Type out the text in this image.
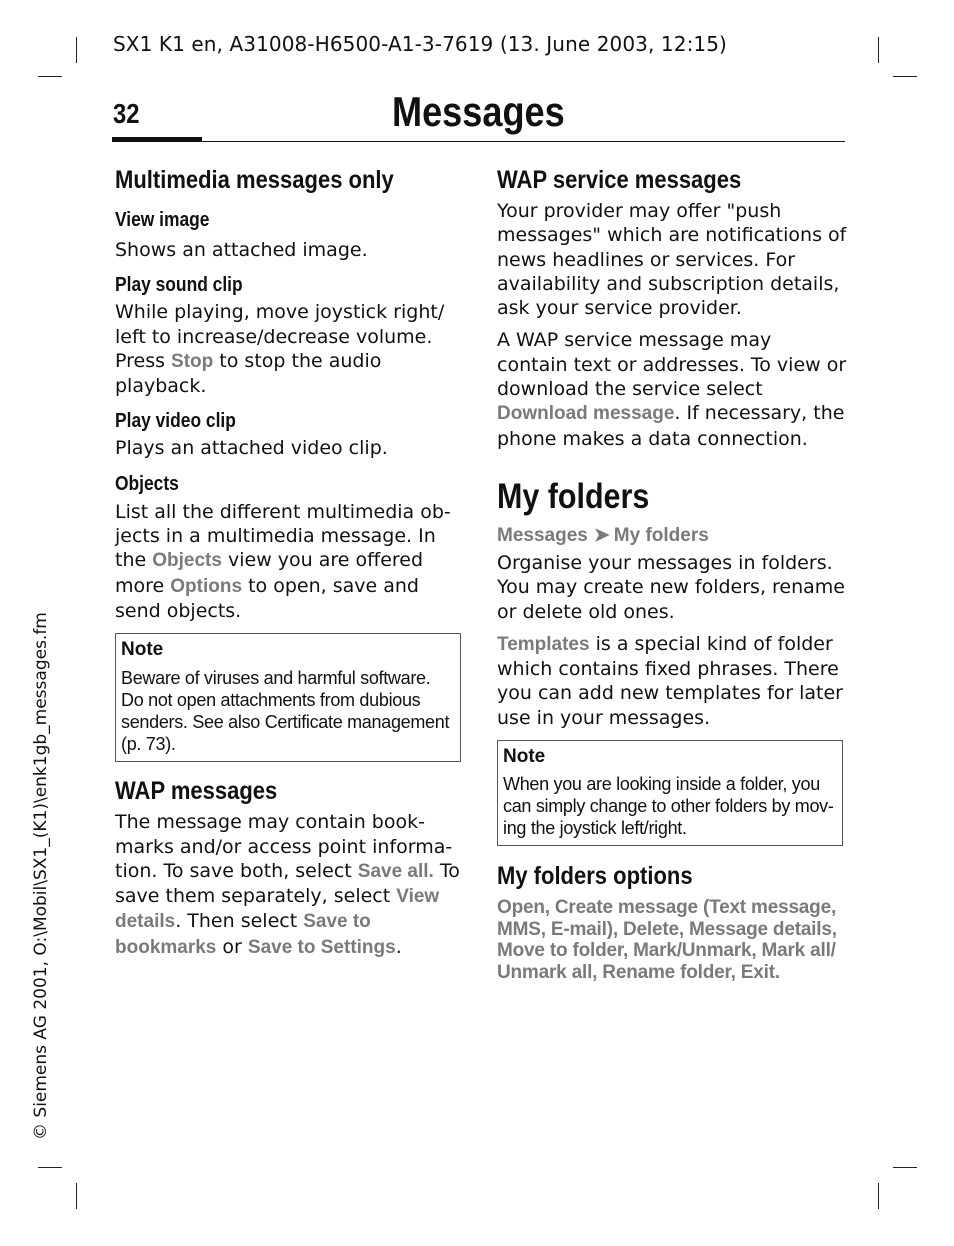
SX1 K1 en, A31008-H6500-A1-3-7619 (13. June 2003, 12:15)
32	Messages
Multimedia messages only
View image

Shows an attached image.

Play sound clip

While playing, move joystick right/ left to increase/decrease volume. Press Stop to stop the audio playback.

Play video clip

Plays an attached video clip.

Objects

List all the different multimedia objects in a multimedia message. In the Objects view you are offered more Options to open, save and send objects.

Note
Beware of viruses and harmful software. Do not open attachments from dubious senders. See also Certificate management (p. 73).
WAP messages

The message may contain bookmarks and/or access point information. To save both, select Save all. To save them separately, select View details. Then select Save to bookmarks or Save to Settings.

WAP service messages

Your provider may offer "push messages" which are notifications of news headlines or services. For availability and subscription details, ask your service provider.

A WAP service message may contain text or addresses. To view or download the service select Download message. If necessary, the phone makes a data connection.

My folders
Messages ➤ My folders

Organise your messages in folders. You may create new folders, rename or delete old ones.

Templates is a special kind of folder which contains fixed phrases. There you can add new templates for later use in your messages.

Note
When you are looking inside a folder, you can simply change to other folders by moving the joystick left/right.
My folders options
Open, Create message (Text message, MMS, E-mail), Delete, Message details, Move to folder, Mark/Unmark, Mark all/ Unmark all, Rename folder, Exit.
© Siemens AG 2001, O:\Mobil\SX1_(K1)\enk1gb_messages.fm
